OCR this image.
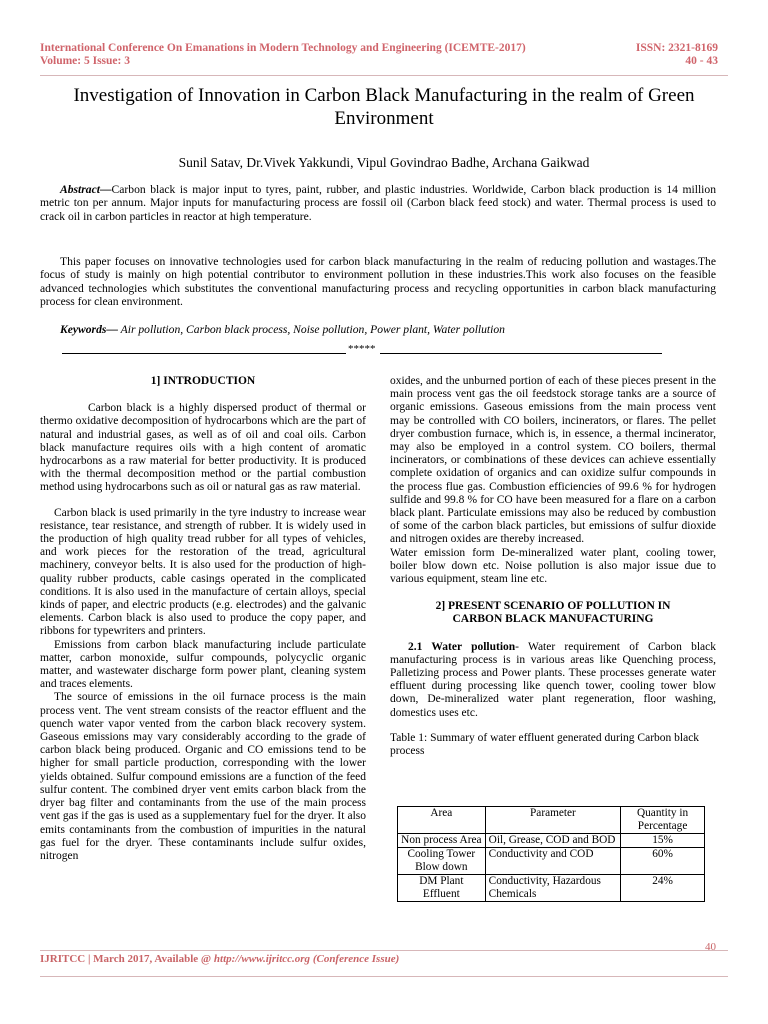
International Conference On Emanations in Modern Technology and Engineering (ICEMTE-2017)
Volume: 5 Issue: 3
ISSN: 2321-8169
40 - 43
Investigation of Innovation in Carbon Black Manufacturing in the realm of Green
Environment
Sunil Satav, Dr.Vivek Yakkundi, Vipul Govindrao Badhe, Archana Gaikwad

Abstract—Carbon black is major input to tyres, paint, rubber, and plastic industries. Worldwide, Carbon black production is 14 million metric ton per annum. Major inputs for manufacturing process are fossil oil (Carbon black feed stock) and water. Thermal process is used to crack oil in carbon particles in reactor at high temperature.

This paper focuses on innovative technologies used for carbon black manufacturing in the realm of reducing pollution and wastages.The focus of study is mainly on high potential contributor to environment pollution in these industries.This work also focuses on the feasible advanced technologies which substitutes the conventional manufacturing process and recycling opportunities in carbon black manufacturing process for clean environment.

Keywords— Air pollution, Carbon black process, Noise pollution, Power plant, Water pollution

*****

1] INTRODUCTION

Carbon black is a highly dispersed product of thermal or thermo oxidative decomposition of hydrocarbons which are the part of natural and industrial gases, as well as of oil and coal oils. Carbon black manufacture requires oils with a high content of aromatic hydrocarbons as a raw material for better productivity. It is produced with the thermal decomposition method or the partial combustion method using hydrocarbons such as oil or natural gas as raw material.

Carbon black is used primarily in the tyre industry to increase wear resistance, tear resistance, and strength of rubber. It is widely used in the production of high quality tread rubber for all types of vehicles, and work pieces for the restoration of the tread, agricultural machinery, conveyor belts. It is also used for the production of high-quality rubber products, cable casings operated in the complicated conditions. It is also used in the manufacture of certain alloys, special kinds of paper, and electric products (e.g. electrodes) and the galvanic elements. Carbon black is also used to produce the copy paper, and ribbons for typewriters and printers.

Emissions from carbon black manufacturing include particulate matter, carbon monoxide, sulfur compounds, polycyclic organic matter, and wastewater discharge form power plant, cleaning system and traces elements.

The source of emissions in the oil furnace process is the main process vent. The vent stream consists of the reactor effluent and the quench water vapor vented from the carbon black recovery system. Gaseous emissions may vary considerably according to the grade of carbon black being produced. Organic and CO emissions tend to be higher for small particle production, corresponding with the lower yields obtained. Sulfur compound emissions are a function of the feed sulfur content. The combined dryer vent emits carbon black from the dryer bag filter and contaminants from the use of the main process vent gas if the gas is used as a supplementary fuel for the dryer. It also emits contaminants from the combustion of impurities in the natural gas fuel for the dryer. These contaminants include sulfur oxides, nitrogen

oxides, and the unburned portion of each of these pieces present in the main process vent gas the oil feedstock storage tanks are a source of organic emissions. Gaseous emissions from the main process vent may be controlled with CO boilers, incinerators, or flares. The pellet dryer combustion furnace, which is, in essence, a thermal incinerator, may also be employed in a control system. CO boilers, thermal incinerators, or combinations of these devices can achieve essentially complete oxidation of organics and can oxidize sulfur compounds in the process flue gas. Combustion efficiencies of 99.6 % for hydrogen sulfide and 99.8 % for CO have been measured for a flare on a carbon black plant. Particulate emissions may also be reduced by combustion of some of the carbon black particles, but emissions of sulfur dioxide and nitrogen oxides are thereby increased.

Water emission form De-mineralized water plant, cooling tower, boiler blow down etc. Noise pollution is also major issue due to various equipment, steam line etc.

2] PRESENT SCENARIO OF POLLUTION IN
CARBON BLACK MANUFACTURING

2.1 Water pollution- Water requirement of Carbon black manufacturing process is in various areas like Quenching process, Palletizing process and Power plants. These processes generate water effluent during processing like quench tower, cooling tower blow down, De-mineralized water plant regeneration, floor washing, domestics uses etc.

Table 1: Summary of water effluent generated during Carbon black process

Area	Parameter	Quantity in Percentage
Non process Area	Oil, Grease, COD and BOD	15%
Cooling Tower Blow down	Conductivity and COD	60%
DM Plant Effluent	Conductivity, Hazardous Chemicals	24%
40
IJRITCC | March 2017, Available @ http://www.ijritcc.org (Conference Issue)
